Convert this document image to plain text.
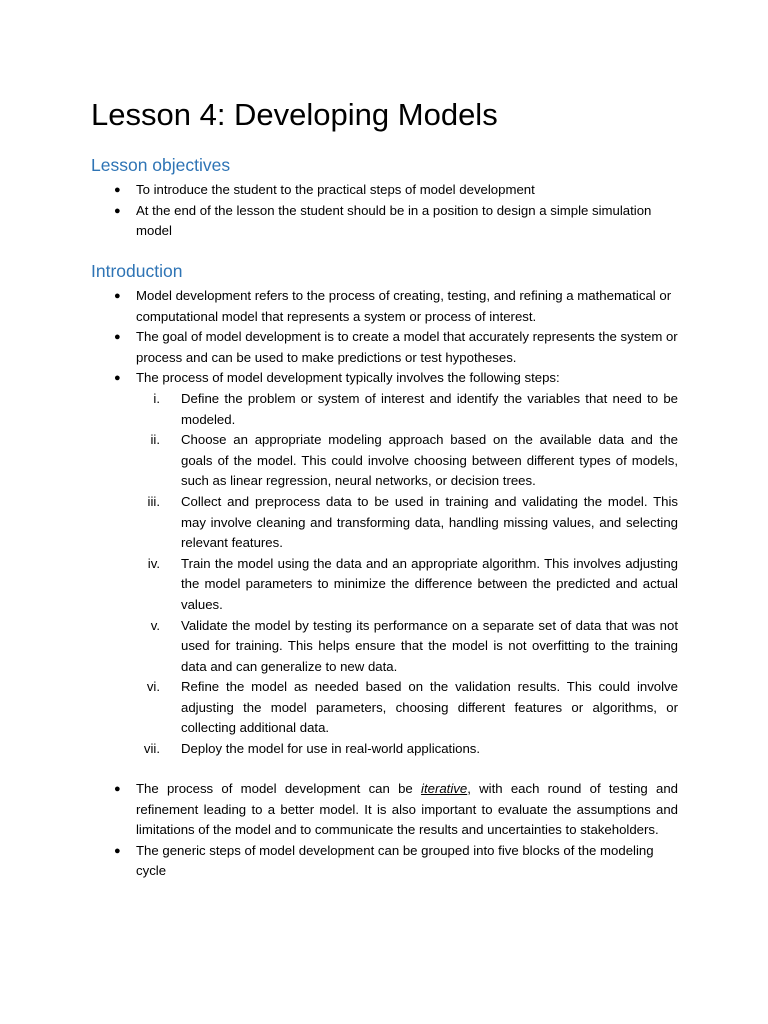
Lesson 4: Developing Models
Lesson objectives
● To introduce the student to the practical steps of model development
● At the end of the lesson the student should be in a position to design a simple simulation model
Introduction
● Model development refers to the process of creating, testing, and refining a mathematical or computational model that represents a system or process of interest.
● The goal of model development is to create a model that accurately represents the system or process and can be used to make predictions or test hypotheses.
● The process of model development typically involves the following steps:
i. Define the problem or system of interest and identify the variables that need to be modeled.
ii. Choose an appropriate modeling approach based on the available data and the goals of the model. This could involve choosing between different types of models, such as linear regression, neural networks, or decision trees.
iii. Collect and preprocess data to be used in training and validating the model. This may involve cleaning and transforming data, handling missing values, and selecting relevant features.
iv. Train the model using the data and an appropriate algorithm. This involves adjusting the model parameters to minimize the difference between the predicted and actual values.
v. Validate the model by testing its performance on a separate set of data that was not used for training. This helps ensure that the model is not overfitting to the training data and can generalize to new data.
vi. Refine the model as needed based on the validation results. This could involve adjusting the model parameters, choosing different features or algorithms, or collecting additional data.
vii. Deploy the model for use in real-world applications.
● The process of model development can be iterative, with each round of testing and refinement leading to a better model. It is also important to evaluate the assumptions and limitations of the model and to communicate the results and uncertainties to stakeholders.
● The generic steps of model development can be grouped into five blocks of the modeling cycle
